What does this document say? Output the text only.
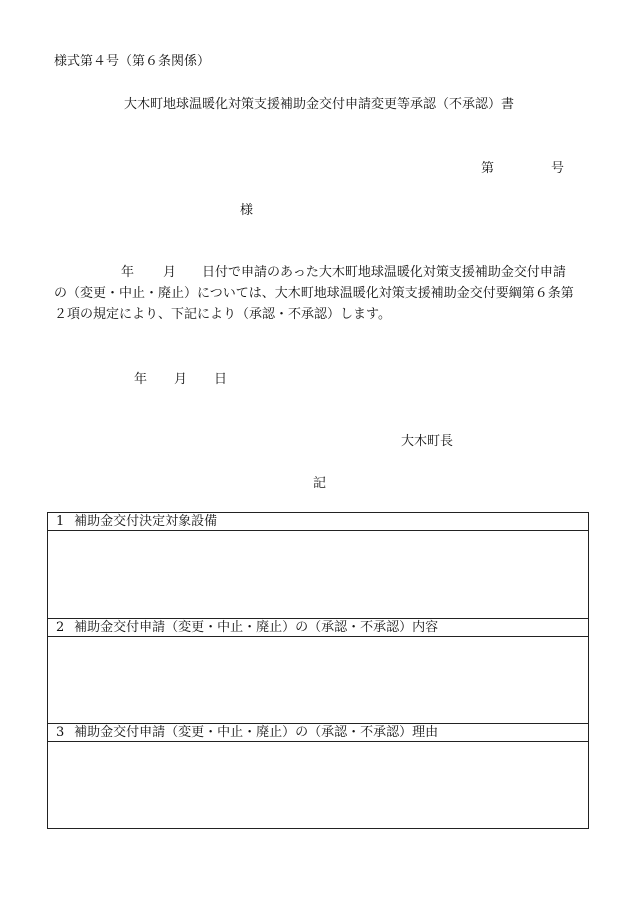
様式第４号（第６条関係）
大木町地球温暖化対策支援補助金交付申請変更等承認（不承認）書
第	号
様
年 月 日付で申請のあった大木町地球温暖化対策支援補助金交付申請
の（変更・中止・廃止）については、大木町地球温暖化対策支援補助金交付要綱第６条第
２項の規定により、下記により（承認・不承認）します。
年 月 日
大木町長
記
1 補助金交付決定対象設備

2 補助金交付申請（変更・中止・廃止）の（承認・不承認）内容

3 補助金交付申請（変更・中止・廃止）の（承認・不承認）理由
